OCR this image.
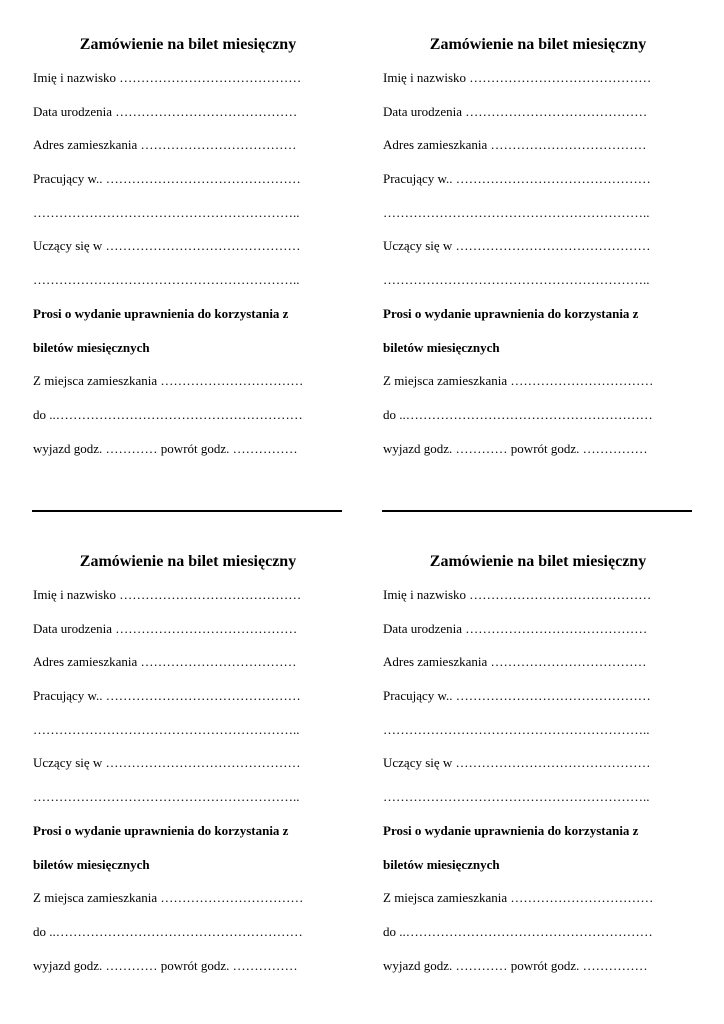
Zamówienie na bilet miesięczny
Imię i nazwisko ……………………………………
Data urodzenia ……………………………………
Adres zamieszkania ………………………………
Pracujący w.. ………………………………………
……………………………………………………..
Uczący się w ………………………………………
……………………………………………………..
Prosi o wydanie uprawnienia do korzystania z
biletów miesięcznych
Z miejsca zamieszkania ……………………………
do ..…………………………………………………
wyjazd godz. ………… powrót godz. ……………
Zamówienie na bilet miesięczny
Imię i nazwisko ……………………………………
Data urodzenia ……………………………………
Adres zamieszkania ………………………………
Pracujący w.. ………………………………………
……………………………………………………..
Uczący się w ………………………………………
……………………………………………………..
Prosi o wydanie uprawnienia do korzystania z
biletów miesięcznych
Z miejsca zamieszkania ……………………………
do ..…………………………………………………
wyjazd godz. ………… powrót godz. ……………
Zamówienie na bilet miesięczny
Imię i nazwisko ……………………………………
Data urodzenia ……………………………………
Adres zamieszkania ………………………………
Pracujący w.. ………………………………………
……………………………………………………..
Uczący się w ………………………………………
……………………………………………………..
Prosi o wydanie uprawnienia do korzystania z
biletów miesięcznych
Z miejsca zamieszkania ……………………………
do ..…………………………………………………
wyjazd godz. ………… powrót godz. ……………
Zamówienie na bilet miesięczny
Imię i nazwisko ……………………………………
Data urodzenia ……………………………………
Adres zamieszkania ………………………………
Pracujący w.. ………………………………………
……………………………………………………..
Uczący się w ………………………………………
……………………………………………………..
Prosi o wydanie uprawnienia do korzystania z
biletów miesięcznych
Z miejsca zamieszkania ……………………………
do ..…………………………………………………
wyjazd godz. ………… powrót godz. ……………
